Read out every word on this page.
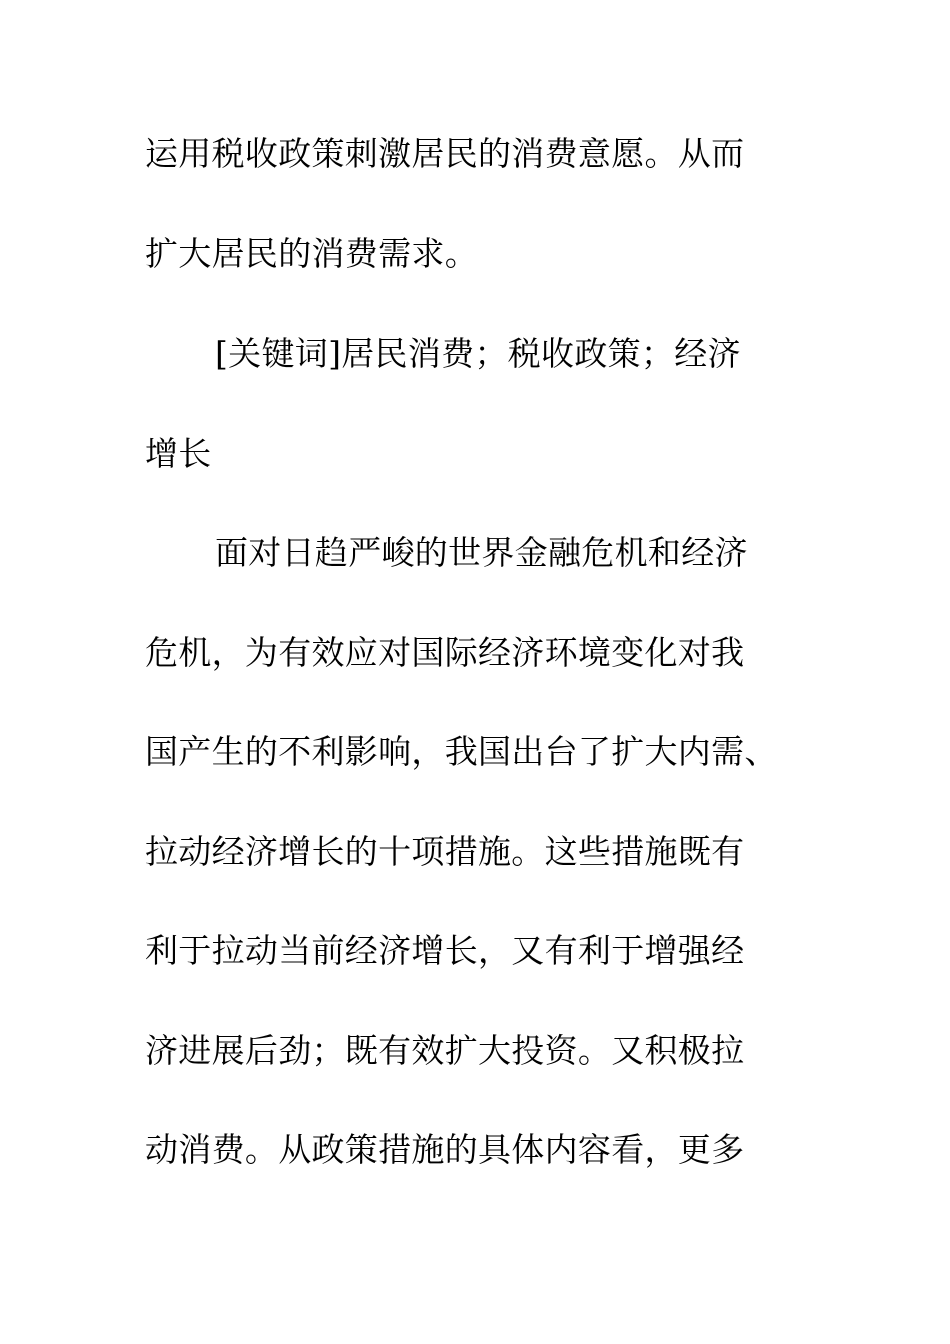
运用税收政策刺激居民的消费意愿。从而
扩大居民的消费需求。
[关键词]居民消费；税收政策；经济
增长
面对日趋严峻的世界金融危机和经济
危机，为有效应对国际经济环境变化对我
国产生的不利影响，我国出台了扩大内需、
拉动经济增长的十项措施。这些措施既有
利于拉动当前经济增长，又有利于增强经
济进展后劲；既有效扩大投资。又积极拉
动消费。从政策措施的具体内容看，更多
